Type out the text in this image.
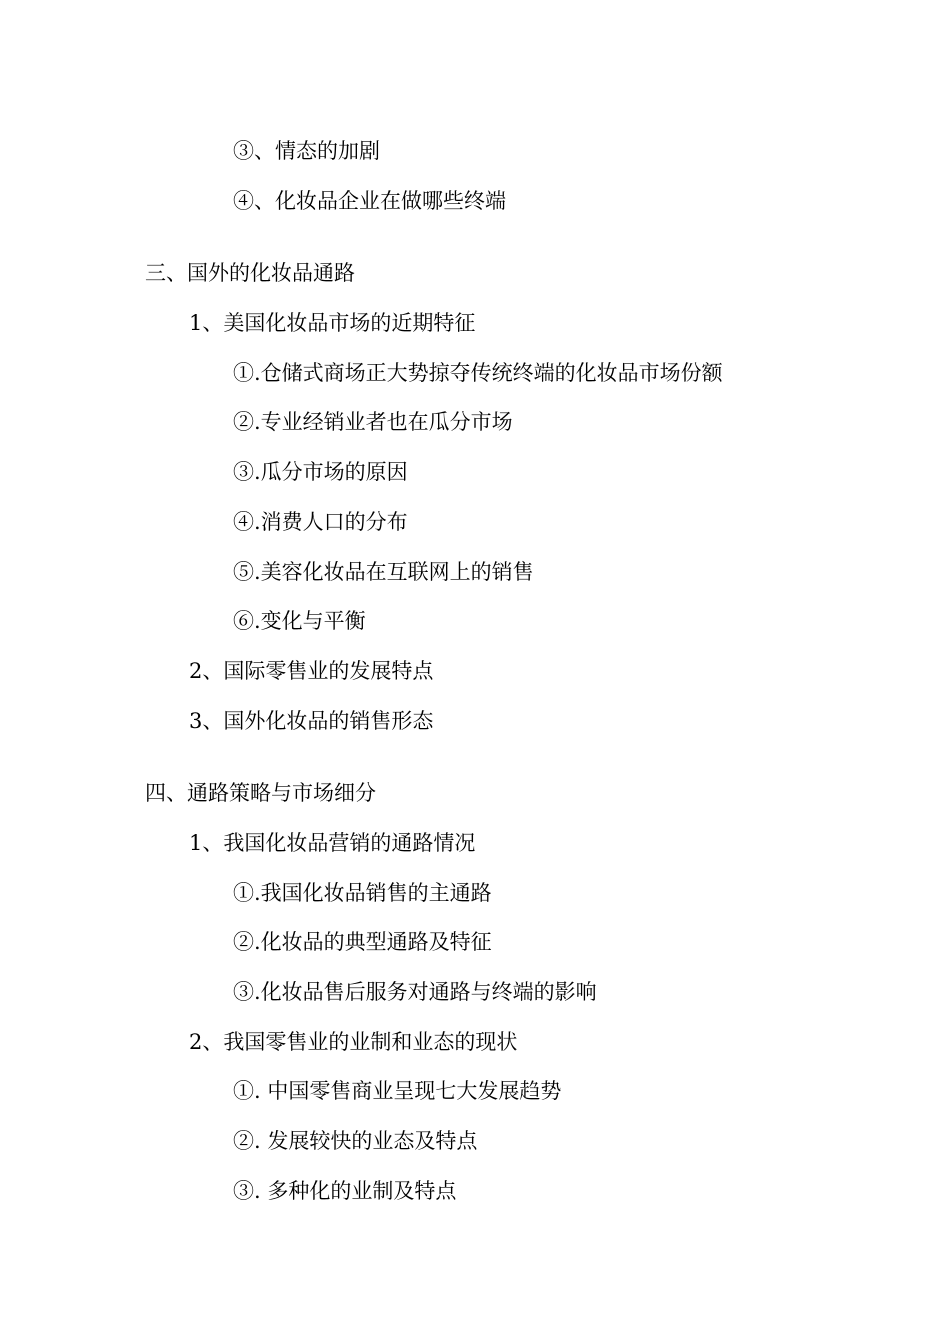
③、情态的加剧
④、化妆品企业在做哪些终端
三、国外的化妆品通路
1、美国化妆品市场的近期特征
①.仓储式商场正大势掠夺传统终端的化妆品市场份额
②.专业经销业者也在瓜分市场
③.瓜分市场的原因
④.消费人口的分布
⑤.美容化妆品在互联网上的销售
⑥.变化与平衡
2、国际零售业的发展特点
3、国外化妆品的销售形态
四、通路策略与市场细分
1、我国化妆品营销的通路情况
①.我国化妆品销售的主通路
②.化妆品的典型通路及特征
③.化妆品售后服务对通路与终端的影响
2、我国零售业的业制和业态的现状
①. 中国零售商业呈现七大发展趋势
②. 发展较快的业态及特点
③. 多种化的业制及特点
